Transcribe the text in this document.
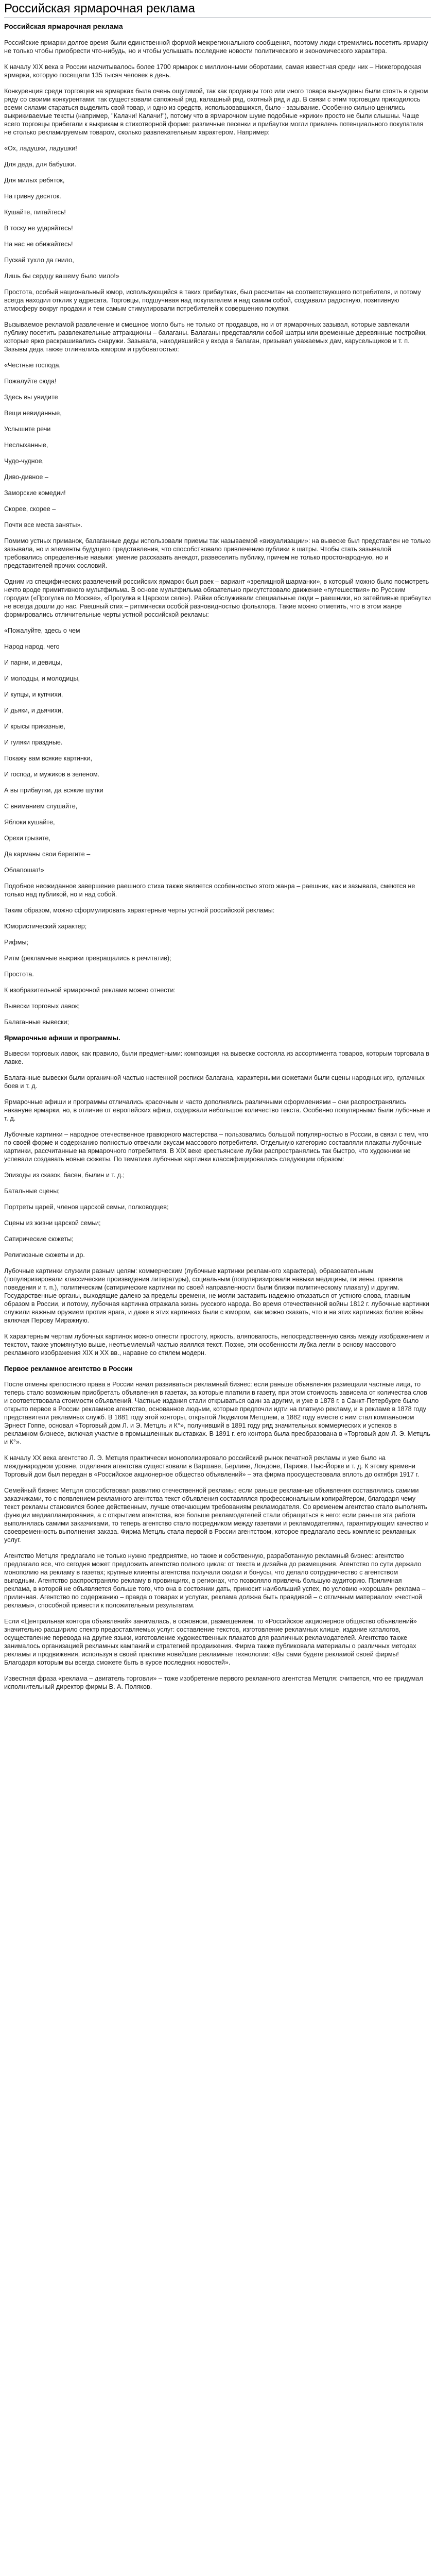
Российская ярмарочная реклама
Российская ярмарочная реклама

Российские ярмарки долгое время были единственной формой межрегионального сообщения, поэтому люди стремились посетить ярмарку не только чтобы приобрести что-нибудь, но и чтобы услышать последние новости политического и экономического характера.

К началу XIX века в России насчитывалось более 1700 ярмарок с миллионными оборотами, самая известная среди них – Нижегородская ярмарка, которую посещали 135 тысяч человек в день.

Конкуренция среди торговцев на ярмарках была очень ощутимой, так как продавцы того или иного товара вынуждены были стоять в одном ряду со своими конкурентами: так существовали сапожный ряд, калашный ряд, охотный ряд и др. В связи с этим торговцам приходилось всеми силами стараться выделить свой товар, и одно из средств, использовавшихся, было - зазывание. Особенно сильно ценились выкрикиваемые тексты (например, "Калачи! Калачи!"), потому что в ярмарочном шуме подобные «крики» просто не были слышны. Чаще всего торговцы прибегали к выкрикам в стихотворной форме: различные песенки и прибаутки могли привлечь потенциального покупателя не столько рекламируемым товаром, сколько развлекательным характером. Например:

«Ох, ладушки, ладушки!

Для деда, для бабушки.

Для милых ребяток,

На гривну десяток.

Кушайте, питайтесь!

В тоску не ударяйтесь!

На нас не обижайтесь!

Пускай тухло да гнило,

Лишь бы сердцу вашему было мило!»

Простота, особый национальный юмор, использующийся в таких прибаутках, был рассчитан на соответствующего потребителя, и потому всегда находил отклик у адресата. Торговцы, подшучивая над покупателем и над самим собой, создавали радостную, позитивную атмосферу вокруг продажи и тем самым стимулировали потребителей к совершению покупки.

Вызываемое рекламой развлечение и смешное могло быть не только от продавцов, но и от ярмарочных зазывал, которые завлекали публику посетить развлекательные аттракционы – балаганы. Балаганы представляли собой шатры или временные деревянные постройки, которые ярко раскрашивались снаружи. Зазывала, находившийся у входа в балаган, призывал уважаемых дам, карусельщиков и т. п. Зазывы деда также отличались юмором и грубоватостью:

«Честные господа,

Пожалуйте сюда!

Здесь вы увидите

Вещи невиданные,

Услышите речи

Неслыханные,

Чудо-чудное,

Диво-дивное –

Заморские комедии!

Скорее, скорее –

Почти все места заняты».

Помимо устных приманок, балаганные деды использовали приемы так называемой «визуализации»: на вывеске был представлен не только зазывала, но и элементы будущего представления, что способствовало привлечению публики в шатры. Чтобы стать зазывалой требовались определенные навыки: умение рассказать анекдот, развеселить публику, причем не только простонародную, но и представителей прочих сословий.

Одним из специфических развлечений российских ярмарок был раек – вариант «зрелищной шарманки», в который можно было посмотреть нечто вроде примитивного мультфильма. В основе мультфильма обязательно присутствовало движение «путешествия» по Русским городам («Прогулка по Москве», «Прогулка в Царском селе»). Райки обслуживали специальные люди – раешники, но затейливые прибаутки не всегда дошли до нас. Раешный стих – ритмически особой разновидностью фольклора. Такие можно отметить, что в этом жанре формировались отличительные черты устной российской рекламы:

«Пожалуйте, здесь о чем

Народ народ, чего

И парни, и девицы,

И молодцы, и молодицы,

И купцы, и купчихи,

И дьяки, и дьячихи,

И крысы приказные,

И гуляки праздные.

Покажу вам всякие картинки,

И господ, и мужиков в зеленом.

А вы прибаутки, да всякие шутки

С вниманием слушайте,

Яблоки кушайте,

Орехи грызите,

Да карманы свои берегите –

Облапошат!»

Подобное неожиданное завершение раешного стиха также является особенностью этого жанра – раешник, как и зазывала, смеются не только над публикой, но и над собой.

Таким образом, можно сформулировать характерные черты устной российской рекламы:

Юмористический характер;

Рифмы;

Ритм (рекламные выкрики превращались в речитатив);

Простота.

К изобразительной ярмарочной рекламе можно отнести:

Вывески торговых лавок;

Балаганные вывески;

Ярмарочные афиши и программы.

Вывески торговых лавок, как правило, были предметными: композиция на вывеске состояла из ассортимента товаров, которым торговала в лавке.

Балаганные вывески были органичной частью настенной росписи балагана, характерными сюжетами были сцены народных игр, кулачных боев и т. д.

Ярмарочные афиши и программы отличались красочным и часто дополнялись различными оформлениями – они распространялись накануне ярмарки, но, в отличие от европейских афиш, содержали небольшое количество текста. Особенно популярными были лубочные и т. д.

Лубочные картинки – народное отечественное гравюрного мастерства – пользовались большой популярностью в России, в связи с тем, что по своей форме и содержанию полностью отвечали вкусам массового потребителя. Отдельную категорию составляли плакаты-лубочные картинки, рассчитанные на ярмарочного потребителя. В XIX веке крестьянские лубки распространялись так быстро, что художники не успевали создавать новые сюжеты. По тематике лубочные картинки классифицировались следующим образом:

Эпизоды из сказок, басен, былин и т. д.;

Батальные сцены;

Портреты царей, членов царской семьи, полководцев;

Сцены из жизни царской семьи;

Сатирические сюжеты;

Религиозные сюжеты и др.

Лубочные картинки служили разным целям: коммерческим (лубочные картинки рекламного характера), образовательным (популяризировали классические произведения литературы), социальным (популяризировали навыки медицины, гигиены, правила поведения и т. п.), политическим (сатирические картинки по своей направленности были близки политическому плакату) и другим. Государственные органы, выходящие далеко за пределы времени, не могли заставить надежно отказаться от устного слова, главным образом в России, и потому, лубочная картинка отражала жизнь русского народа. Во время отечественной войны 1812 г. лубочные картинки служили важным оружием против врага, и даже в этих картинках были с юмором, как можно сказать, что и на этих картинках более войны включая Перову Миражную.

К характерным чертам лубочных картинок можно отнести простоту, яркость, аляповатость, непосредственную связь между изображением и текстом, также упомянутую выше, неотъемлемый частью являлся текст. Позже, эти особенности лубка легли в основу массового рекламного изображения XIX и XX вв., наравне со стилем модерн.

Первое рекламное агентство в России

После отмены крепостного права в России начал развиваться рекламный бизнес: если раньше объявления размещали частные лица, то теперь стало возможным приобретать объявления в газетах, за которые платили в газету, при этом стоимость зависела от количества слов и соответствовала стоимости объявлений. Частные издания стали открываться один за другим, и уже в 1878 г. в Санкт-Петербурге было открыто первое в России рекламное агентство, основанное людьми, которые предпочли идти на платную рекламу, и в рекламе в 1878 году представители рекламных служб. В 1881 году этой конторы, открытой Людвигом Метцлем, а 1882 году вместе с ним стал компаньоном Эрнест Гоппе, основал «Торговый дом Л. и Э. Метцль и К°», получивший в 1891 году ряд значительных коммерческих и успехов в рекламном бизнесе, включая участие в промышленных выставках. В 1891 г. его контора была преобразована в «Торговый дом Л. Э. Метцль и К°».

К началу XX века агентство Л. Э. Метцля практически монополизировало российский рынок печатной рекламы и уже было на международном уровне, отделения агентства существовали в Варшаве, Берлине, Лондоне, Париже, Нью-Йорке и т. д. К этому времени Торговый дом был передан в «Российское акционерное общество объявлений» – эта фирма просуществовала вплоть до октября 1917 г.

Семейный бизнес Метцля способствовал развитию отечественной рекламы: если раньше рекламные объявления составлялись самими заказчиками, то с появлением рекламного агентства текст объявления составлялся профессиональным копирайтером, благодаря чему текст рекламы становился более действенным, лучше отвечающим требованиям рекламодателя. Со временем агентство стало выполнять функции медиапланирования, а с открытием агентства, все больше рекламодателей стали обращаться в него: если раньше эта работа выполнялась самими заказчиками, то теперь агентство стало посредником между газетами и рекламодателями, гарантирующим качество и своевременность выполнения заказа. Фирма Метцль стала первой в России агентством, которое предлагало весь комплекс рекламных услуг.

Агентство Метцля предлагало не только нужно предприятие, но также и собственную, разработанную рекламный бизнес: агентство предлагало все, что сегодня может предложить агентство полного цикла: от текста и дизайна до размещения. Агентство по сути держало монополию на рекламу в газетах; крупные клиенты агентства получали скидки и бонусы, что делало сотрудничество с агентством выгодным. Агентство распространяло рекламу в провинциях, в регионах, что позволяло привлечь большую аудиторию. Приличная реклама, в которой не объявляется больше того, что она в состоянии дать, приносит наибольший успех, по условию «хорошая» реклама – приличная. Агентство по содержанию – правда о товарах и услугах, реклама должна быть правдивой – с отличным материалом «честной рекламы», способной привести к положительным результатам.

Если «Центральная контора объявлений» занималась, в основном, размещением, то «Российское акционерное общество объявлений» значительно расширило спектр предоставляемых услуг: составление текстов, изготовление рекламных клише, издание каталогов, осуществление перевода на другие языки, изготовление художественных плакатов для различных рекламодателей. Агентство также занималось организацией рекламных кампаний и стратегией продвижения. Фирма также публиковала материалы о различных методах рекламы и продвижения, используя в своей практике новейшие рекламные технологии: «Вы сами будете рекламой своей фирмы! Благодаря которым вы всегда сможете быть в курсе последних новостей».

Известная фраза «реклама – двигатель торговли» – тоже изобретение первого рекламного агентства Метцля: считается, что ее придумал исполнительный директор фирмы В. А. Поляков.
